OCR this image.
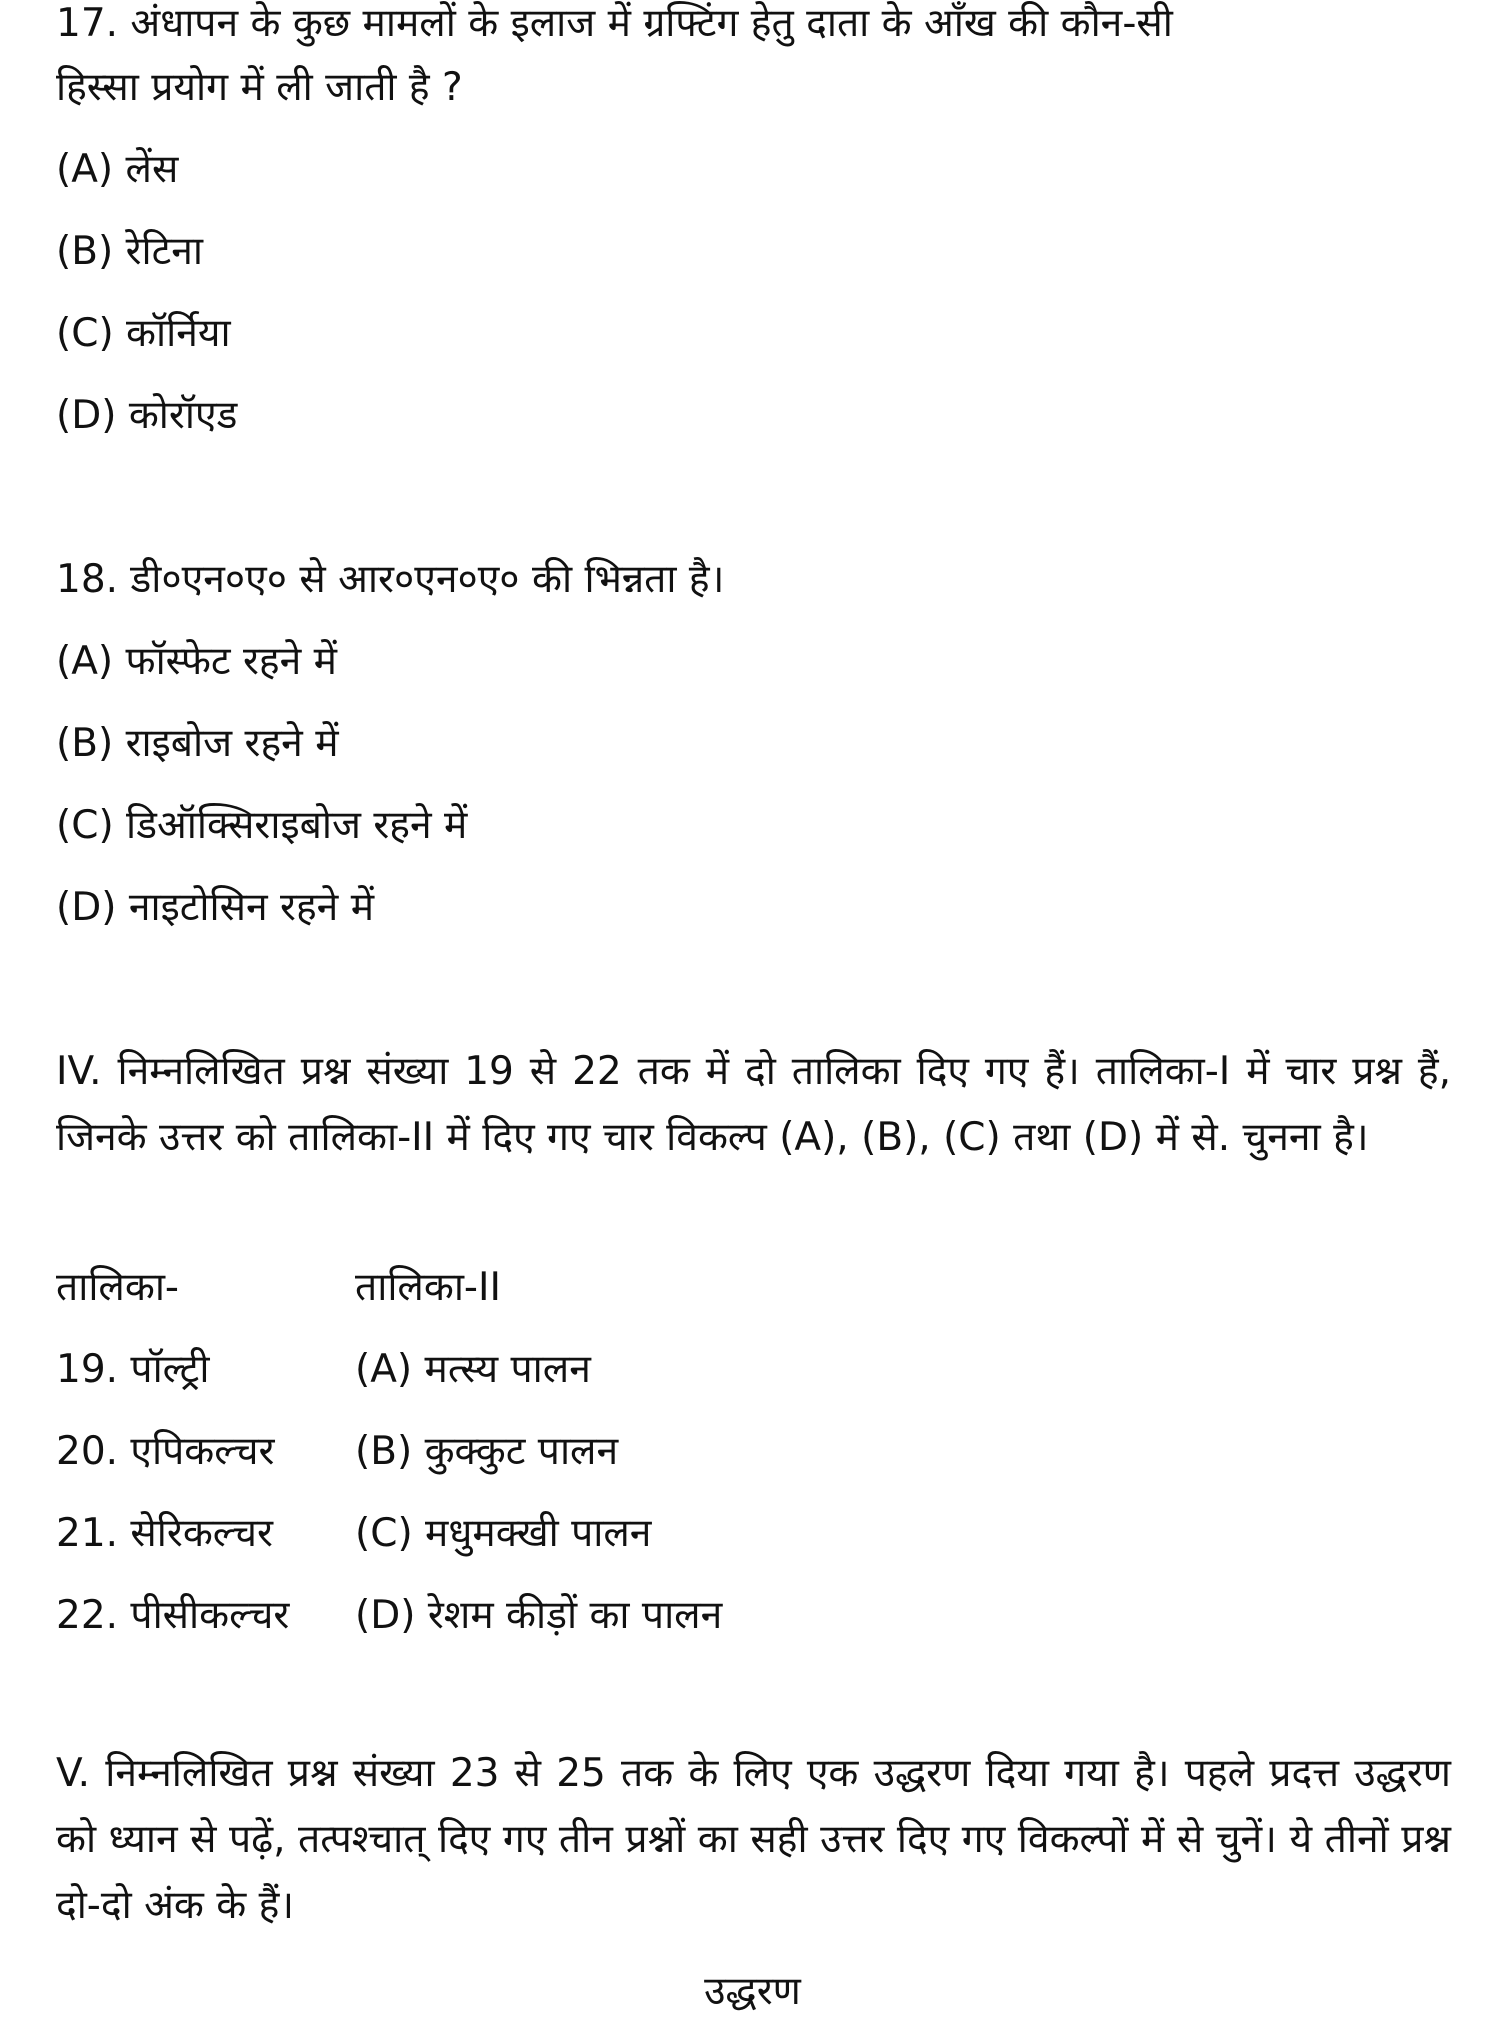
17. अंधापन के कुछ मामलों के इलाज में ग्रफ्टिंग हेतु दाता के आँख की कौन-सी
हिस्सा प्रयोग में ली जाती है ?
(A) लेंस
(B) रेटिना
(C) कॉर्निया
(D) कोरॉएड
18. डी०एन०ए० से आर०एन०ए० की भिन्नता है।
(A) फॉस्फेट रहने में
(B) राइबोज रहने में
(C) डिऑक्सिराइबोज रहने में
(D) नाइटोसिन रहने में
IV. निम्नलिखित प्रश्न संख्या 19 से 22 तक में दो तालिका दिए गए हैं। तालिका-I में चार प्रश्न हैं, जिनके उत्तर को तालिका-II में दिए गए चार विकल्प (A), (B), (C) तथा (D) में से. चुनना है।
तालिका-	तालिका-II
19. पॉल्ट्री	(A) मत्स्य पालन
20. एपिकल्चर (B) कुक्कुट पालन
21. सेरिकल्चर (C) मधुमक्खी पालन
22. पीसीकल्चर (D) रेशम कीड़ों का पालन
V. निम्नलिखित प्रश्न संख्या 23 से 25 तक के लिए एक उद्धरण दिया गया है। पहले प्रदत्त उद्धरण को ध्यान से पढ़ें, तत्पश्चात् दिए गए तीन प्रश्नों का सही उत्तर दिए गए विकल्पों में से चुनें। ये तीनों प्रश्न दो-दो अंक के हैं।
उद्धरण
